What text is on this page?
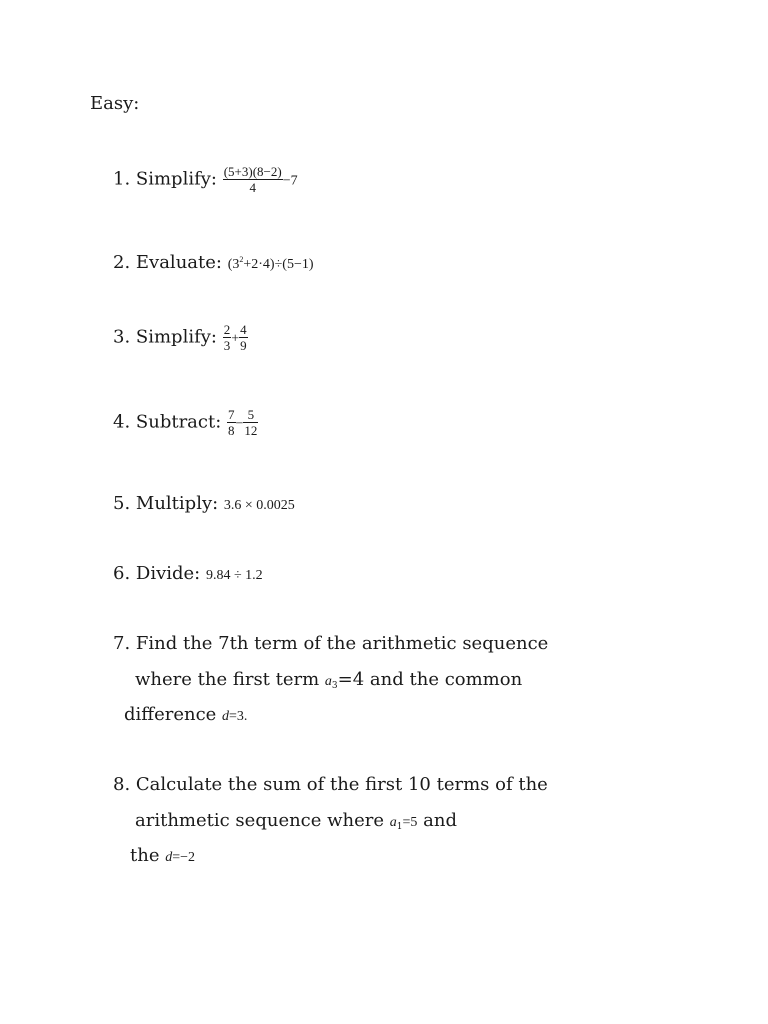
Easy:
1. Simplify: $\frac{(5+3)(8-2)}{4} -7$
2. Evaluate: $(3^2+2\cdot 4)\div(5-1)$
3. Simplify: $\frac{2}{3} + \frac{4}{9}$
4. Subtract: $\frac{7}{8} - \frac{5}{12}$
5. Multiply: 3.6 × 0.0025
6. Divide: 9.84 ÷ 1.2
7. Find the 7th term of the arithmetic sequence
where the first term $a_3=4$ and the common
difference d=3.
8. Calculate the sum of the first 10 terms of the
arithmetic sequence where $a_1=5$ and
the d=−2
